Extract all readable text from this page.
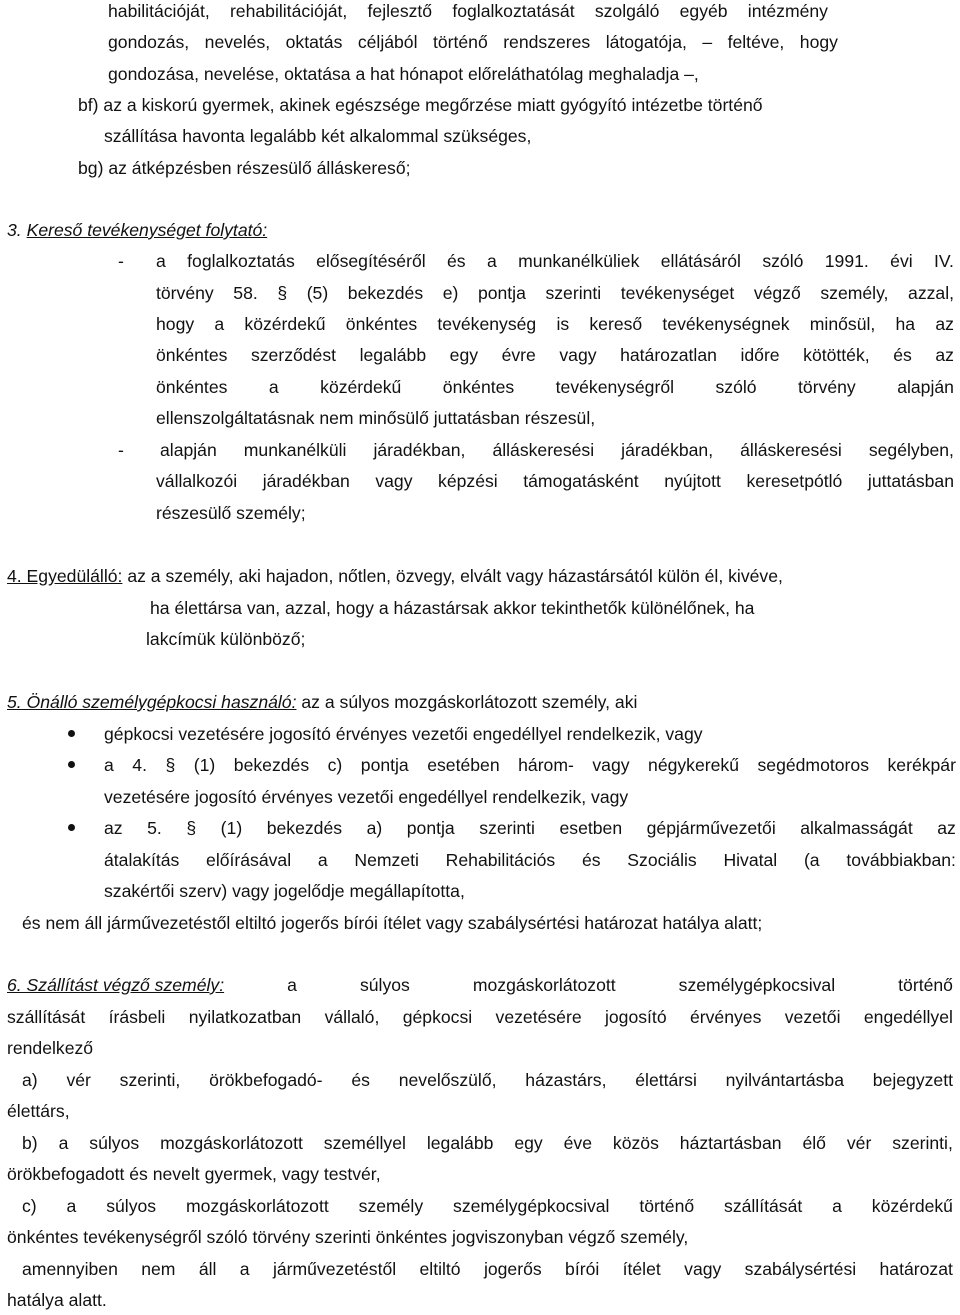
habilitációját, rehabilitációját, fejlesztő foglalkoztatását szolgáló egyéb intézmény
gondozás, nevelés, oktatás céljából történő rendszeres látogatója, – feltéve, hogy
gondozása, nevelése, oktatása a hat hónapot előreláthatólag meghaladja –,
bf) az a kiskorú gyermek, akinek egészsége megőrzése miatt gyógyító intézetbe történő
szállítása havonta legalább két alkalommal szükséges,
bg) az átképzésben részesülő álláskereső;
3. Kereső tevékenységet folytató:
- a foglalkoztatás elősegítéséről és a munkanélküliek ellátásáról szóló 1991. évi IV.
törvény 58. § (5) bekezdés e) pontja szerinti tevékenységet végző személy, azzal,
hogy a közérdekű önkéntes tevékenység is kereső tevékenységnek minősül, ha az
önkéntes szerződést legalább egy évre vagy határozatlan időre kötötték, és az
önkéntes a közérdekű önkéntes tevékenységről szóló törvény alapján
ellenszolgáltatásnak nem minősülő juttatásban részesül,
- alapján munkanélküli járadékban, álláskeresési járadékban, álláskeresési segélyben,
vállalkozói járadékban vagy képzési támogatásként nyújtott keresetpótló juttatásban
részesülő személy;
4. Egyedülálló: az a személy, aki hajadon, nőtlen, özvegy, elvált vagy házastársától külön él, kivéve,
ha élettársa van, azzal, hogy a házastársak akkor tekinthetők különélőnek, ha
lakcímük különböző;
5. Önálló személygépkocsi használó: az a súlyos mozgáskorlátozott személy, aki
gépkocsi vezetésére jogosító érvényes vezetői engedéllyel rendelkezik, vagy
a 4. § (1) bekezdés c) pontja esetében három- vagy négykerekű segédmotoros kerékpár
vezetésére jogosító érvényes vezetői engedéllyel rendelkezik, vagy
az 5. § (1) bekezdés a) pontja szerinti esetben gépjárművezetői alkalmasságát az
átalakítás előírásával a Nemzeti Rehabilitációs és Szociális Hivatal (a továbbiakban:
szakértői szerv) vagy jogelődje megállapította,
és nem áll járművezetéstől eltiltó jogerős bírói ítélet vagy szabálysértési határozat hatálya alatt;
6. Szállítást végző személy:	a	súlyos	mozgáskorlátozott	személygépkocsival	történő
szállítását írásbeli nyilatkozatban vállaló, gépkocsi vezetésére jogosító érvényes vezetői engedéllyel
rendelkező
a) vér szerinti, örökbefogadó- és nevelőszülő, házastárs, élettársi nyilvántartásba bejegyzett
élettárs,
b) a súlyos mozgáskorlátozott személlyel legalább egy éve közös háztartásban élő vér szerinti,
örökbefogadott és nevelt gyermek, vagy testvér,
c) a súlyos mozgáskorlátozott személy személygépkocsival történő szállítását a közérdekű
önkéntes tevékenységről szóló törvény szerinti önkéntes jogviszonyban végző személy,
amennyiben nem áll a járművezetéstől eltiltó jogerős bírói ítélet vagy szabálysértési határozat
hatálya alatt.
